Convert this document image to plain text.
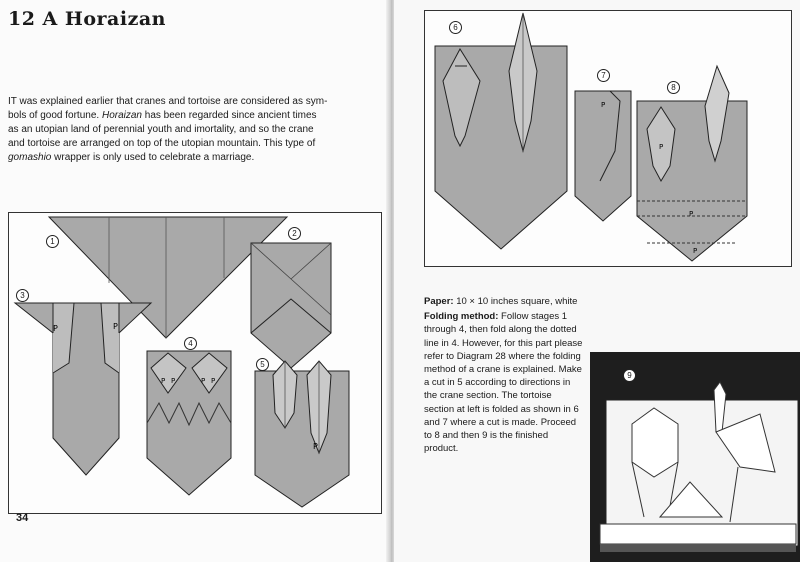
12 A Horaizan

IT was explained earlier that cranes and tortoise are considered as sym-
bols of good fortune. Horaizan has been regarded since ancient times
as an utopian land of perennial youth and imortality, and so the crane
and tortoise are arranged on top of the utopian mountain. This type of
gomashio wrapper is only used to celebrate a marriage.

P	P
P P	P P
P
1
2
3
4
5
34
P
P
P
P
6
7
8

Paper: 10 × 10 inches square, white

Folding method: Follow stages 1 through 4, then fold along the dotted line in 4. However, for this part please refer to Diagram 28 where the folding method of a crane is explained. Make a cut in 5 according to directions in the crane section. The tortoise section at left is folded as shown in 6 and 7 where a cut is made. Proceed to 8 and then 9 is the finished product.

9
